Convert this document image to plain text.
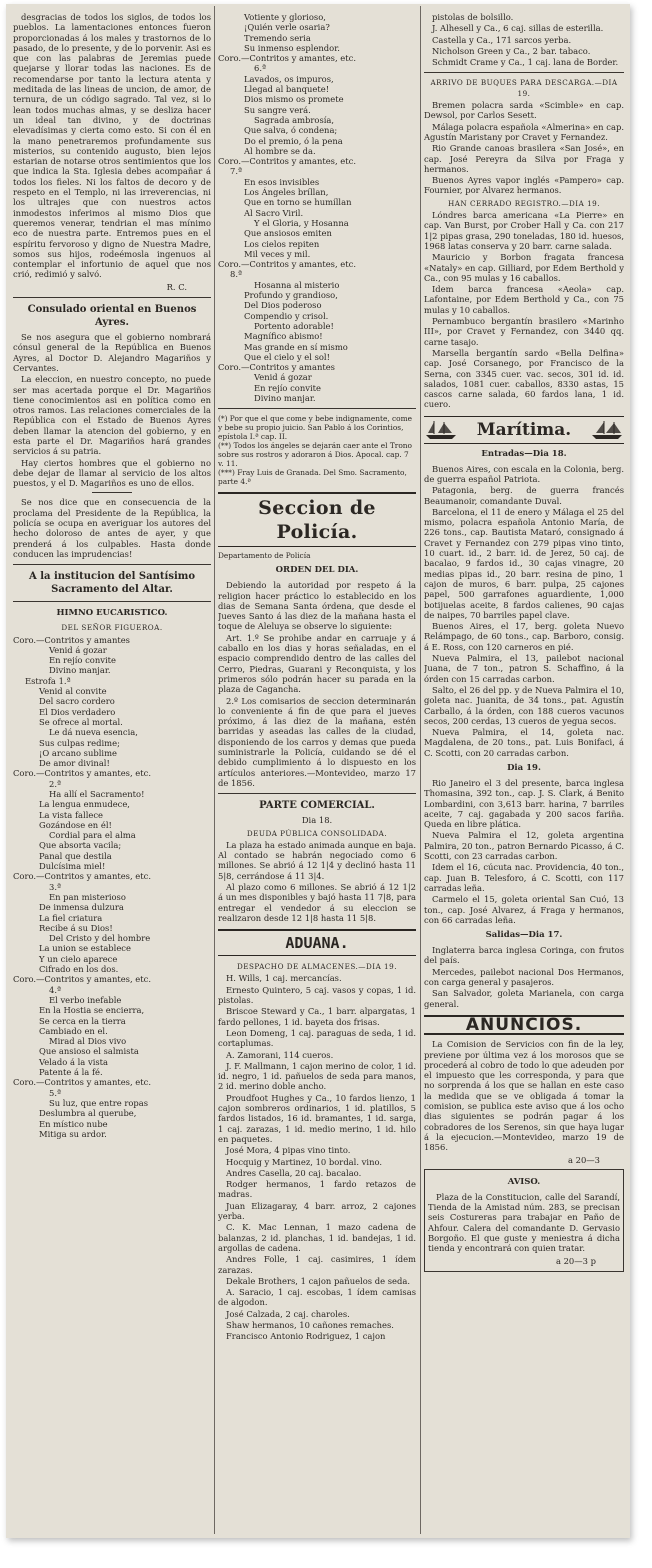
desgracias de todos los siglos, de todos los pueblos. La lamentaciones entonces fueron proporcionadas á los males y trastornos de lo pasado, de lo presente, y de lo porvenir. Asi es que con las palabras de Jeremias puede quejarse y llorar todas las naciones. Es de recomendarse por tanto la lectura atenta y meditada de las lineas de uncion, de amor, de ternura, de un código sagrado. Tal vez, si lo lean todos muchas almas, y se desliza hacer un ideal tan divino, y de doctrinas elevadísimas y cierta como esto. Si con él en la mano penetraremos profundamente sus misterios, su contenido augusto, bien lejos estarian de notarse otros sentimientos que los que indica la Sta. Iglesia debes acompañar á todos los fieles. Ni los faltos de decoro y de respeto en el Templo, ni las irreverencias, ni los ultrajes que con nuestros actos inmodestos inferimos al mismo Dios que queremos venerar, tendrian el mas mínimo eco de nuestra parte. Entremos pues en el espíritu fervoroso y digno de Nuestra Madre, somos sus hijos, rodeémosla ingenuos al contemplar el infortunio de aquel que nos crió, redimió y salvó.

R. C.
Consulado oriental en Buenos Ayres.

Se nos asegura que el gobierno nombrará cónsul general de la República en Buenos Ayres, al Doctor D. Alejandro Magariños y Cervantes.

La eleccion, en nuestro concepto, no puede ser mas acertada porque el Dr. Magariños tiene conocimientos asi en política como en otros ramos. Las relaciones comerciales de la República con el Estado de Buenos Ayres deben llamar la atencion del gobierno, y en esta parte el Dr. Magariños hará grandes servicios á su patria.

Hay ciertos hombres que el gobierno no debe dejar de llamar al servicio de los altos puestos, y el D. Magariños es uno de ellos.

Se nos dice que en consecuencia de la proclama del Presidente de la República, la policía se ocupa en averiguar los autores del hecho doloroso de antes de ayer, y que prenderá á los culpables. Hasta donde conducen las imprudencias!

A la institucion del Santísimo Sacramento del Altar.
HIMNO EUCARISTICO.
DEL SEÑOR FIGUEROA.
Coro.—Contritos y amantes
Venid á gozar
En rejío convite
Divino manjar.
Estrofa 1.ª
Venid al convite
Del sacro cordero
El Dios verdadero
Se ofrece al mortal.
Le dá nueva esencia,
Sus culpas redime;
¡O arcano sublime
De amor divinal!
Coro.—Contritos y amantes, etc.
2.ª
Ha allí el Sacramento!
La lengua enmudece,
La vista fallece
Gozándose en él!
Cordial para el alma
Que absorta vacila;
Panal que destila
Dulcísima miel!
Coro.—Contritos y amantes, etc.
3.ª
En pan misterioso
De inmensa dulzura
La fiel criatura
Recibe á su Dios!
Del Cristo y del hombre
La union se establece
Y un cielo aparece
Cifrado en los dos.
Coro.—Contritos y amantes, etc.
4.ª
El verbo inefable
En la Hostia se encierra,
Se cerca en la tierra
Cambiado en el.
Mirad al Dios vivo
Que ansioso el salmista
Velado á la vista
Patente á la fé.
Coro.—Contritos y amantes, etc.
5.ª
Su luz, que entre ropas
Deslumbra al querube,
En místico nube
Mitiga su ardor.
Votiente y glorioso,
¡Quién verle osaria?
Tremendo seria
Su inmenso esplendor.
Coro.—Contritos y amantes, etc.
6.ª
Lavados, os impuros,
Llegad al banquete!
Dios mismo os promete
Su sangre verá.
Sagrada ambrosía,
Que salva, ó condena;
Do el premio, ó la pena
Al hombre se da.
Coro.—Contritos y amantes, etc.
7.ª
En esos invisibles
Los Ángeles bríllan,
Que en torno se humíllan
Al Sacro Viril.
Y el Gloria, y Hosanna
Que ansiosos emiten
Los cielos repiten
Mil veces y mil.
Coro.—Contritos y amantes, etc.
8.ª
Hosanna al misterio
Profundo y grandioso,
Del Dios poderoso
Compendio y crisol.
Portento adorable!
Magnífico abismo!
Mas grande en sí mismo
Que el cielo y el sol!
Coro.—Contritos y amantes
Venid á gozar
En rejío convite
Divino manjar.
(*) Por que el que come y bebe indignamente, come y bebe su propio juicio. San Pablo á los Corintios, epístola I.ª cap. II.
(**) Todos los ángeles se dejarán caer ante el Trono sobre sus rostros y adoraron á Dios. Apocal. cap. 7 v. 11.
(***) Fray Luis de Granada. Del Smo. Sacramento, parte 4.ª
Seccion de Policía.
Departamento de Policía
ORDEN DEL DIA.

Debiendo la autoridad por respeto á la religion hacer práctico lo establecido en los dias de Semana Santa órdena, que desde el Jueves Santo á las diez de la mañana hasta el toque de Aleluya se observe lo siguiente:

Art. 1.º Se prohibe andar en carruaje y á caballo en los dias y horas señaladas, en el espacio comprendido dentro de las calles del Cerro, Piedras, Guarani y Reconquista, y los primeros sólo podrán hacer su parada en la plaza de Cagancha.

2.º Los comisarios de seccion determinarán lo conveniente á fin de que para el jueves próximo, á las diez de la mañana, estén barridas y aseadas las calles de la ciudad, disponiendo de los carros y demas que pueda suministrarle la Policía, cuidando se dé el debido cumplimiento á lo dispuesto en los artículos anteriores.—Montevideo, marzo 17 de 1856.

PARTE COMERCIAL.
Dia 18.
DEUDA PÚBLICA CONSOLIDADA.

La plaza ha estado animada aunque en baja. Al contado se habrán negociado como 6 millones. Se abrió á 12 1|4 y declinó hasta 11 5|8, cerrándose á 11 3|4.

Al plazo como 6 millones. Se abrió á 12 1|2 á un mes disponibles y bajó hasta 11 7|8, para entregar el vendedor á su eleccion se realizaron desde 12 1|8 hasta 11 5|8.

ADUANA.
DESPACHO DE ALMACENES.—DIA 19.

H. Wills, 1 caj. mercancías.

Ernesto Quintero, 5 caj. vasos y copas, 1 id. pistolas.

Briscoe Steward y Ca., 1 barr. alpargatas, 1 fardo pellones, 1 id. bayeta dos frisas.

Leon Domeng, 1 caj. paraguas de seda, 1 id. cortaplumas.

A. Zamorani, 114 cueros.

J. F. Mallmann, 1 cajon merino de color, 1 id. id. negro, 1 id. pañuelos de seda para manos, 2 id. merino doble ancho.

Proudfoot Hughes y Ca., 10 fardos lienzo, 1 cajon sombreros ordinarios, 1 id. platillos, 5 fardos listados, 16 id. bramantes, 1 id. sarga, 1 caj. zarazas, 1 id. medio merino, 1 id. hilo en paquetes.

José Mora, 4 pipas vino tinto.

Hocquig y Martinez, 10 bordal. vino.

Andres Casella, 20 caj. bacalao.

Rodger hermanos, 1 fardo retazos de madras.

Juan Elizagaray, 4 barr. arroz, 2 cajones yerba.

C. K. Mac Lennan, 1 mazo cadena de balanzas, 2 id. planchas, 1 id. bandejas, 1 id. argollas de cadena.

Andres Folle, 1 caj. casimires, 1 ídem zarazas.

Dekale Brothers, 1 cajon pañuelos de seda.

A. Saracio, 1 caj. escobas, 1 ídem camisas de algodon.

José Calzada, 2 caj. charoles.

Shaw hermanos, 10 cañones remaches.

Francisco Antonio Rodriguez, 1 cajon

pistolas de bolsillo.

J. Alhesell y Ca., 6 caj. sillas de esterilla.

Castella y Ca., 171 sarcos yerba.

Nicholson Green y Ca., 2 bar. tabaco.

Schmidt Crame y Ca., 1 caj. lana de Border.

ARRIVO DE BUQUES PARA DESCARGA.—DIA 19.

Bremen polacra sarda «Scimble» en cap. Dewsol, por Carlos Sesett.

Málaga polacra española «Almerina» en cap. Agustín Maristany por Cravet y Fernandez.

Rio Grande canoas brasilera «San José», en cap. José Pereyra da Silva por Fraga y hermanos.

Buenos Ayres vapor inglés «Pampero» cap. Fournier, por Alvarez hermanos.

HAN CERRADO REGISTRO.—DIA 19.

Lóndres barca americana «La Pierre» en cap. Van Burst, por Crober Hall y Ca. con 217 1|2 pipas grasa, 290 toneladas, 180 id. huesos, 1968 latas conserva y 20 barr. carne salada.

Mauricio y Borbon fragata francesa «Nataly» en cap. Gilliard, por Edem Berthold y Ca., con 95 mulas y 16 caballos.

Idem barca francesa «Aeola» cap. Lafontaine, por Edem Berthold y Ca., con 75 mulas y 10 caballos.

Pernambuco bergantín brasilero «Marinho III», por Cravet y Fernandez, con 3440 qq. carne tasajo.

Marsella bergantín sardo «Bella Delfina» cap. José Corsanego, por Francisco de la Serna, con 3345 cuer. vac. secos, 301 id. id. salados, 1081 cuer. caballos, 8330 astas, 15 cascos carne salada, 60 fardos lana, 1 id. cuero.

Marítima.
Entradas—Dia 18.

Buenos Aires, con escala en la Colonia, berg. de guerra español Patriota.

Patagonia, berg. de guerra francés Beaumanoir, comandante Duval.

Barcelona, el 11 de enero y Málaga el 25 del mismo, polacra española Antonio María, de 226 tons., cap. Bautista Mataró, consignado á Cravet y Fernandez con 279 pipas vino tinto, 10 cuart. id., 2 barr. id. de Jerez, 50 caj. de bacalao, 9 fardos id., 30 cajas vinagre, 20 medias pipas id., 20 barr. resina de pino, 1 cajon de muros, 6 barr. pulpa, 25 cajones papel, 500 garrafones aguardiente, 1,000 botijuelas aceite, 8 fardos calienes, 90 cajas de naipes, 70 barriles papel clave.

Buenos Aires, el 17, berg. goleta Nuevo Relámpago, de 60 tons., cap. Barboro, consig. á E. Ross, con 120 carneros en pié.

Nueva Palmira, el 13, pailebot nacional Juana, de 7 ton., patron S. Schaffino, á la órden con 15 carradas carbon.

Salto, el 26 del pp. y de Nueva Palmira el 10, goleta nac. Juanita, de 34 tons., pat. Agustín Carballo, á la órden, con 188 cueros vacunos secos, 200 cerdas, 13 cueros de yegua secos.

Nueva Palmira, el 14, goleta nac. Magdalena, de 20 tons., pat. Luis Bonifaci, á C. Scotti, con 20 carradas carbon.

Dia 19.

Rio Janeiro el 3 del presente, barca inglesa Thomasina, 392 ton., cap. J. S. Clark, á Benito Lombardini, con 3,613 barr. harina, 7 barriles aceite, 7 caj. gagabada y 200 sacos fariña. Queda en libre plática.

Nueva Palmira el 12, goleta argentina Palmira, 20 ton., patron Bernardo Picasso, á C. Scotti, con 23 carradas carbon.

Idem el 16, cúcuta nac. Providencia, 40 ton., cap. Juan B. Telesforo, á C. Scotti, con 117 carradas leña.

Carmelo el 15, goleta oriental San Cuó, 13 ton., cap. José Alvarez, á Fraga y hermanos, con 66 carradas leña.

Salidas—Dia 17.

Inglaterra barca inglesa Coringa, con frutos del país.

Mercedes, pailebot nacional Dos Hermanos, con carga general y pasajeros.

San Salvador, goleta Marianela, con carga general.

ANUNCIOS.

La Comision de Servicios con fin de la ley, previene por última vez á los morosos que se procederá al cobro de todo lo que adeuden por el impuesto que les corresponda, y para que no sorprenda á los que se hallan en este caso la medida que se ve obligada á tomar la comision, se publica este aviso que á los ocho dias siguientes se podrán pagar á los cobradores de los Serenos, sin que haya lugar á la ejecucion.—Montevideo, marzo 19 de 1856.

a 20—3
AVISO.

Plaza de la Constitucion, calle del Sarandí, Tienda de la Amistad núm. 283, se precisan seis Costureras para trabajar en Paño de Ahfour. Calera del comandante D. Gervasio Borgoño. El que guste y meniestra á dicha tienda y encontrará con quien tratar.

a 20—3 p
